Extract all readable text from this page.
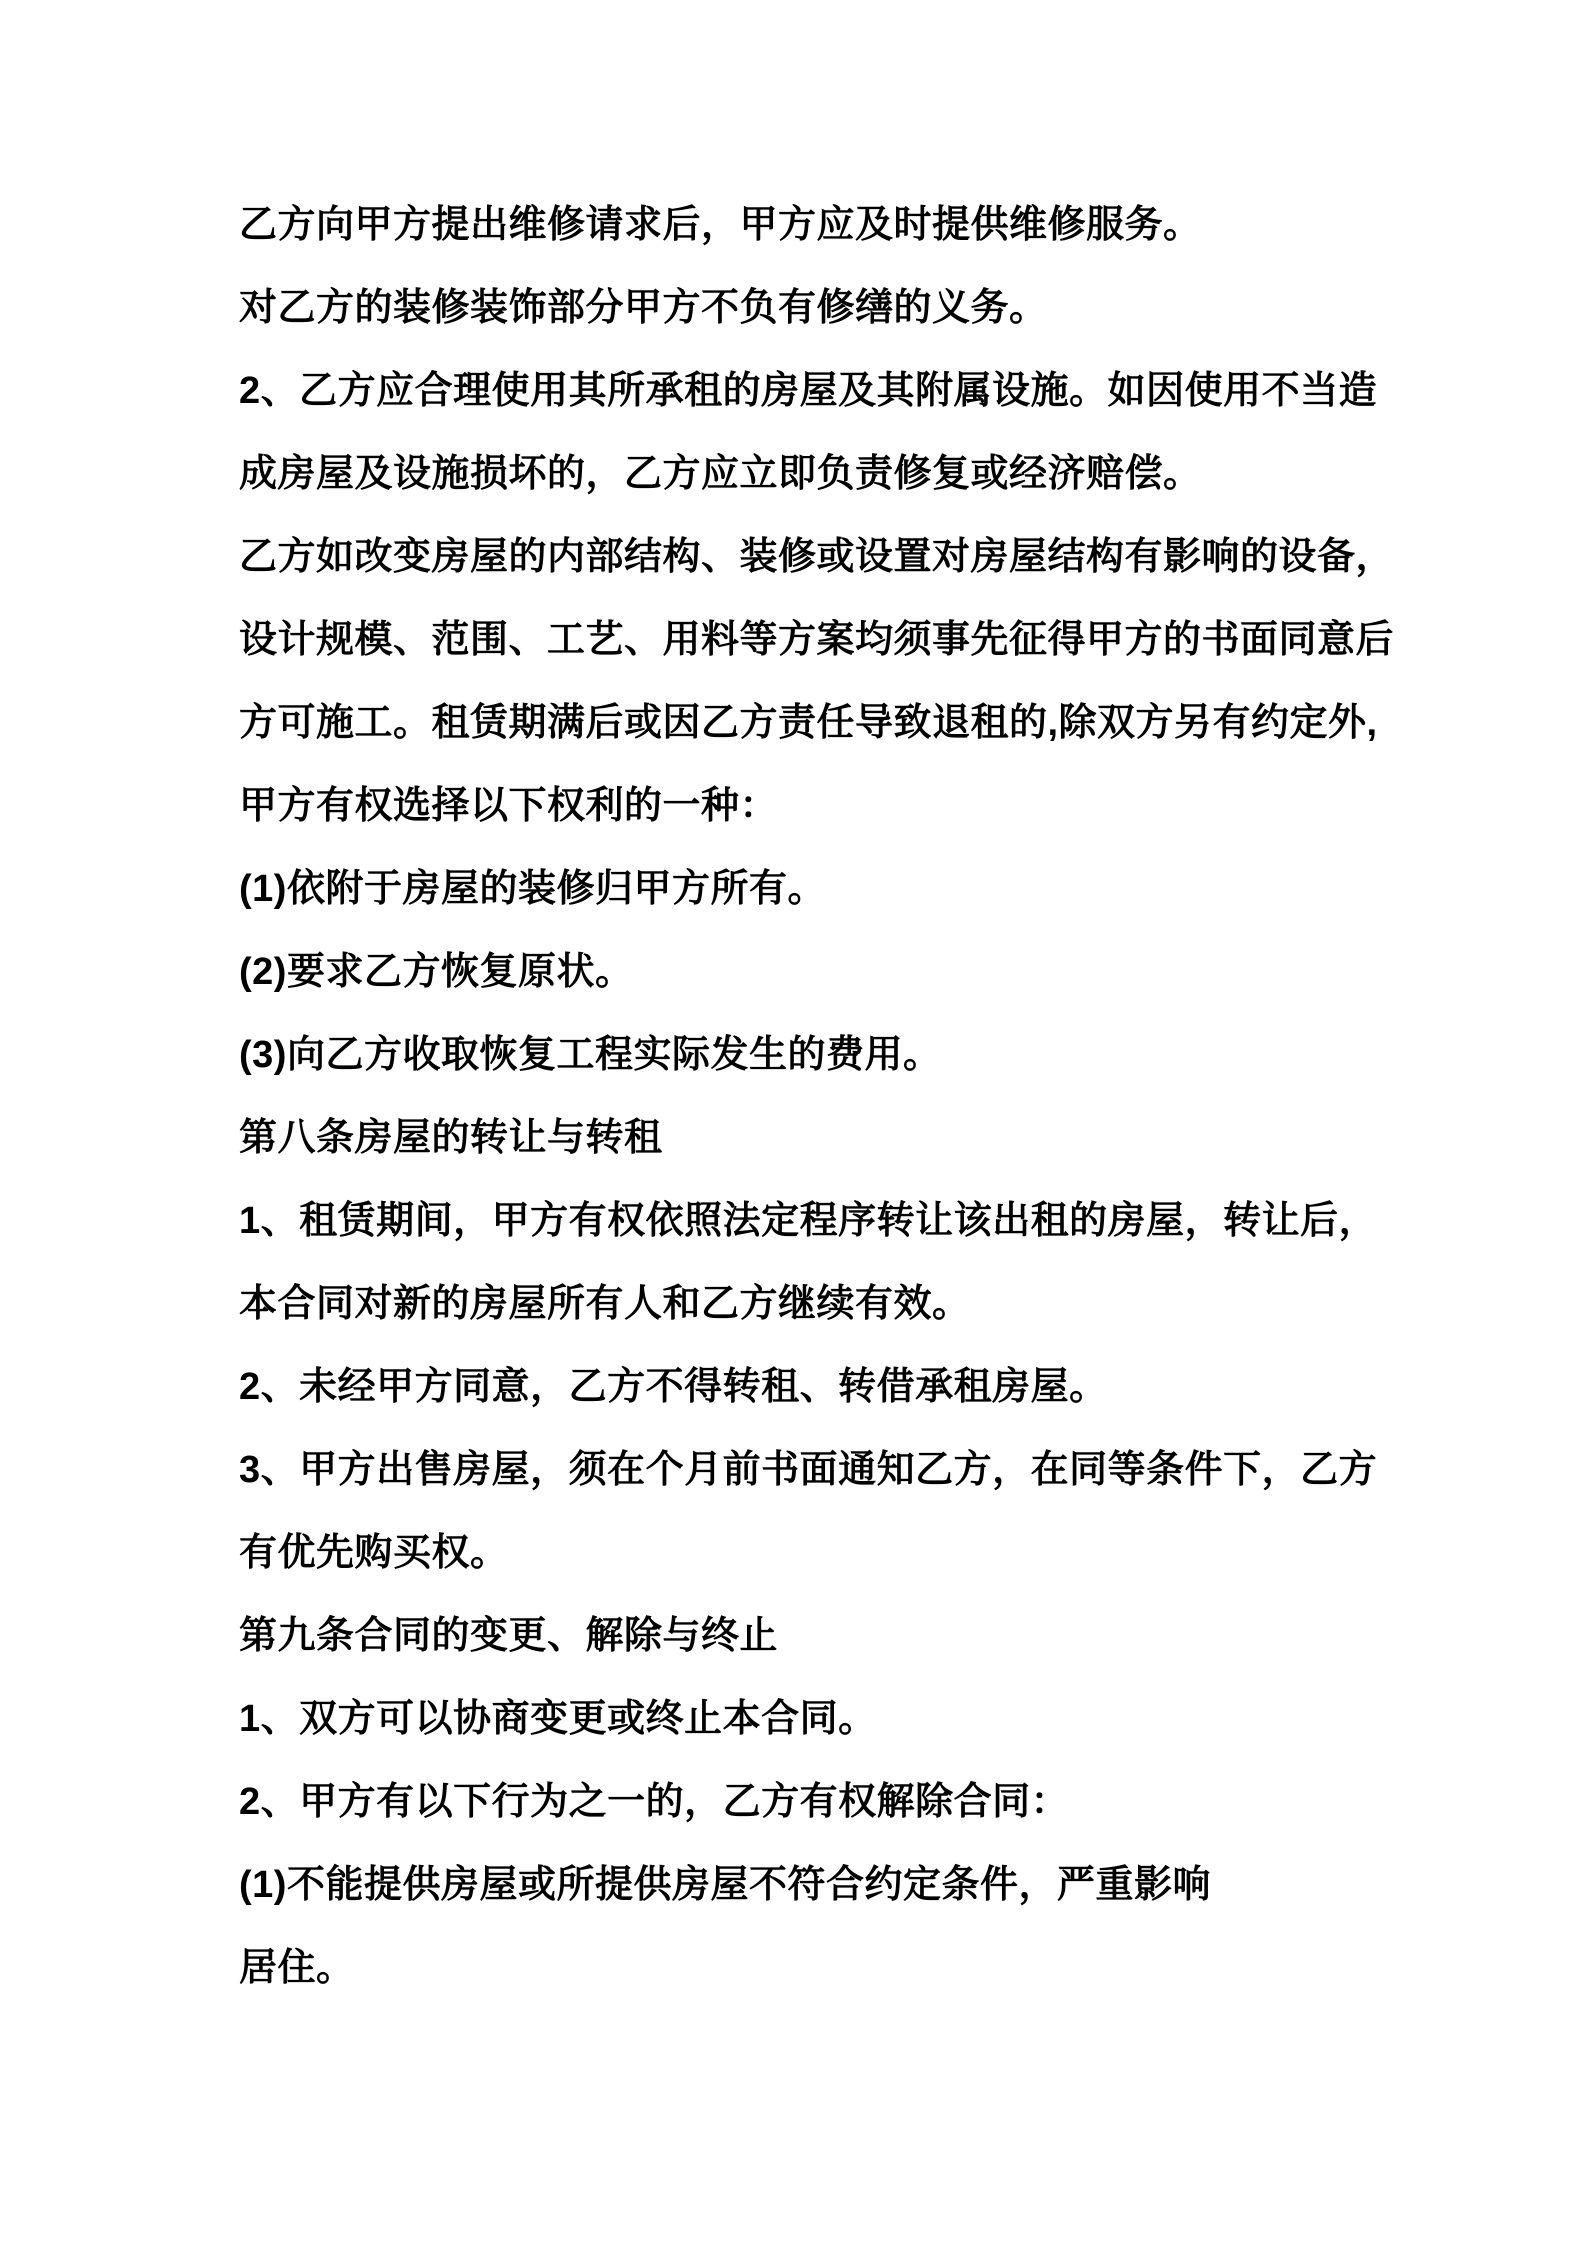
乙方向甲方提出维修请求后，甲方应及时提供维修服务。
对乙方的装修装饰部分甲方不负有修缮的义务。
2、乙方应合理使用其所承租的房屋及其附属设施。如因使用不当造
成房屋及设施损坏的，乙方应立即负责修复或经济赔偿。
乙方如改变房屋的内部结构、装修或设置对房屋结构有影响的设备，
设计规模、范围、工艺、用料等方案均须事先征得甲方的书面同意后
方可施工。租赁期满后或因乙方责任导致退租的,除双方另有约定外,
甲方有权选择以下权利的一种：
(1)依附于房屋的装修归甲方所有。
(2)要求乙方恢复原状。
(3)向乙方收取恢复工程实际发生的费用。
第八条房屋的转让与转租
1、租赁期间，甲方有权依照法定程序转让该出租的房屋，转让后，
本合同对新的房屋所有人和乙方继续有效。
2、未经甲方同意，乙方不得转租、转借承租房屋。
3、甲方出售房屋，须在个月前书面通知乙方，在同等条件下，乙方
有优先购买权。
第九条合同的变更、解除与终止
1、双方可以协商变更或终止本合同。
2、甲方有以下行为之一的，乙方有权解除合同：
(1)不能提供房屋或所提供房屋不符合约定条件，严重影响
居住。
